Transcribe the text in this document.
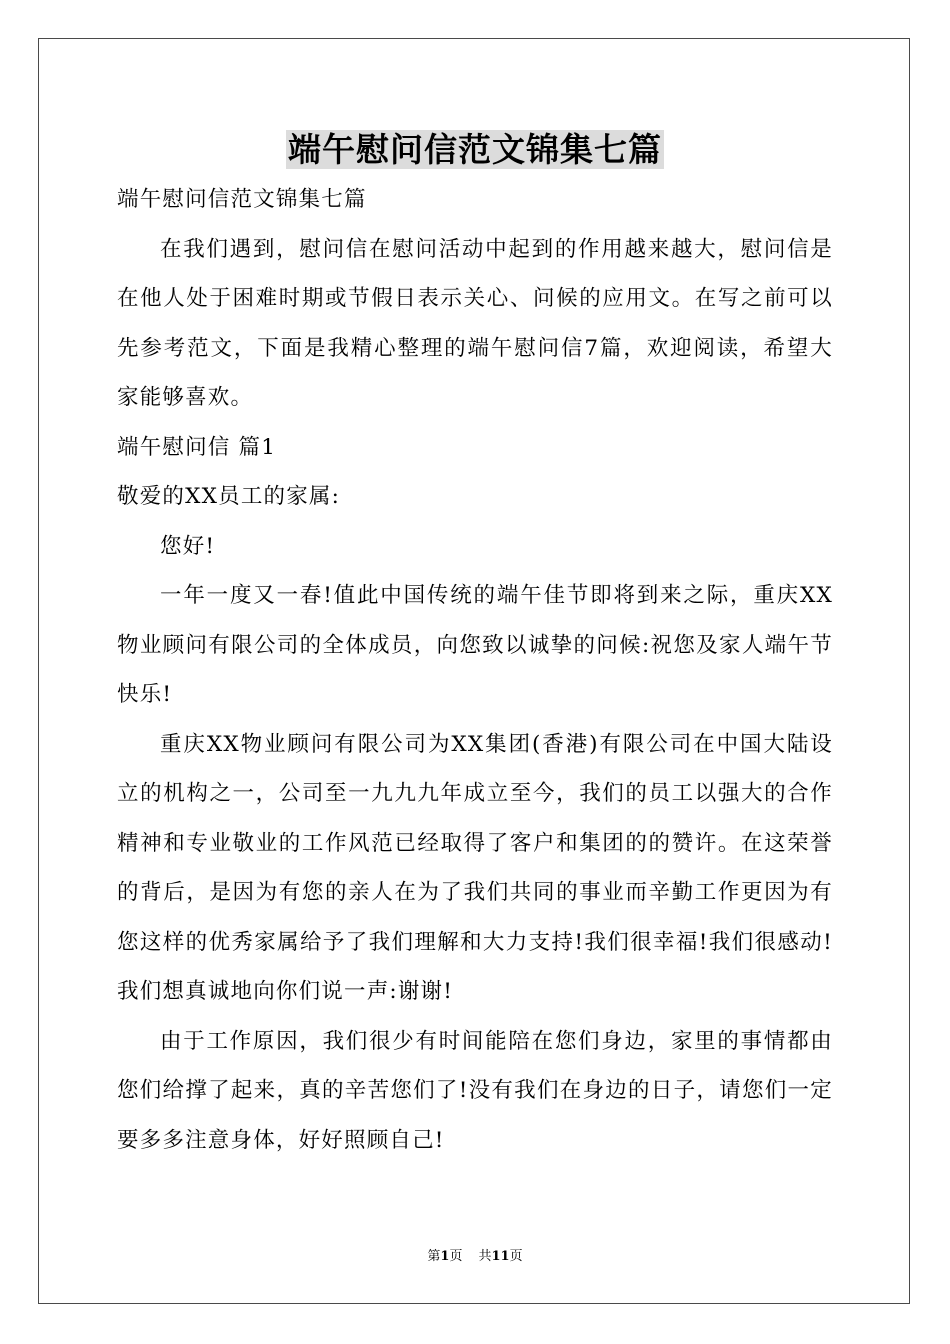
端午慰问信范文锦集七篇

端午慰问信范文锦集七篇

在我们遇到，慰问信在慰问活动中起到的作用越来越大，慰问信是在他人处于困难时期或节假日表示关心、问候的应用文。在写之前可以先参考范文，下面是我精心整理的端午慰问信7篇，欢迎阅读，希望大家能够喜欢。

端午慰问信 篇1

敬爱的XX员工的家属:

您好!

一年一度又一春!值此中国传统的端午佳节即将到来之际，重庆XX物业顾问有限公司的全体成员，向您致以诚挚的问候:祝您及家人端午节快乐!

重庆XX物业顾问有限公司为XX集团(香港)有限公司在中国大陆设立的机构之一，公司至一九九九年成立至今，我们的员工以强大的合作精神和专业敬业的工作风范已经取得了客户和集团的的赞许。在这荣誉的背后，是因为有您的亲人在为了我们共同的事业而辛勤工作更因为有您这样的优秀家属给予了我们理解和大力支持!我们很幸福!我们很感动!我们想真诚地向你们说一声:谢谢!

由于工作原因，我们很少有时间能陪在您们身边，家里的事情都由您们给撑了起来，真的辛苦您们了!没有我们在身边的日子，请您们一定要多多注意身体，好好照顾自己!

第1页 共11页
